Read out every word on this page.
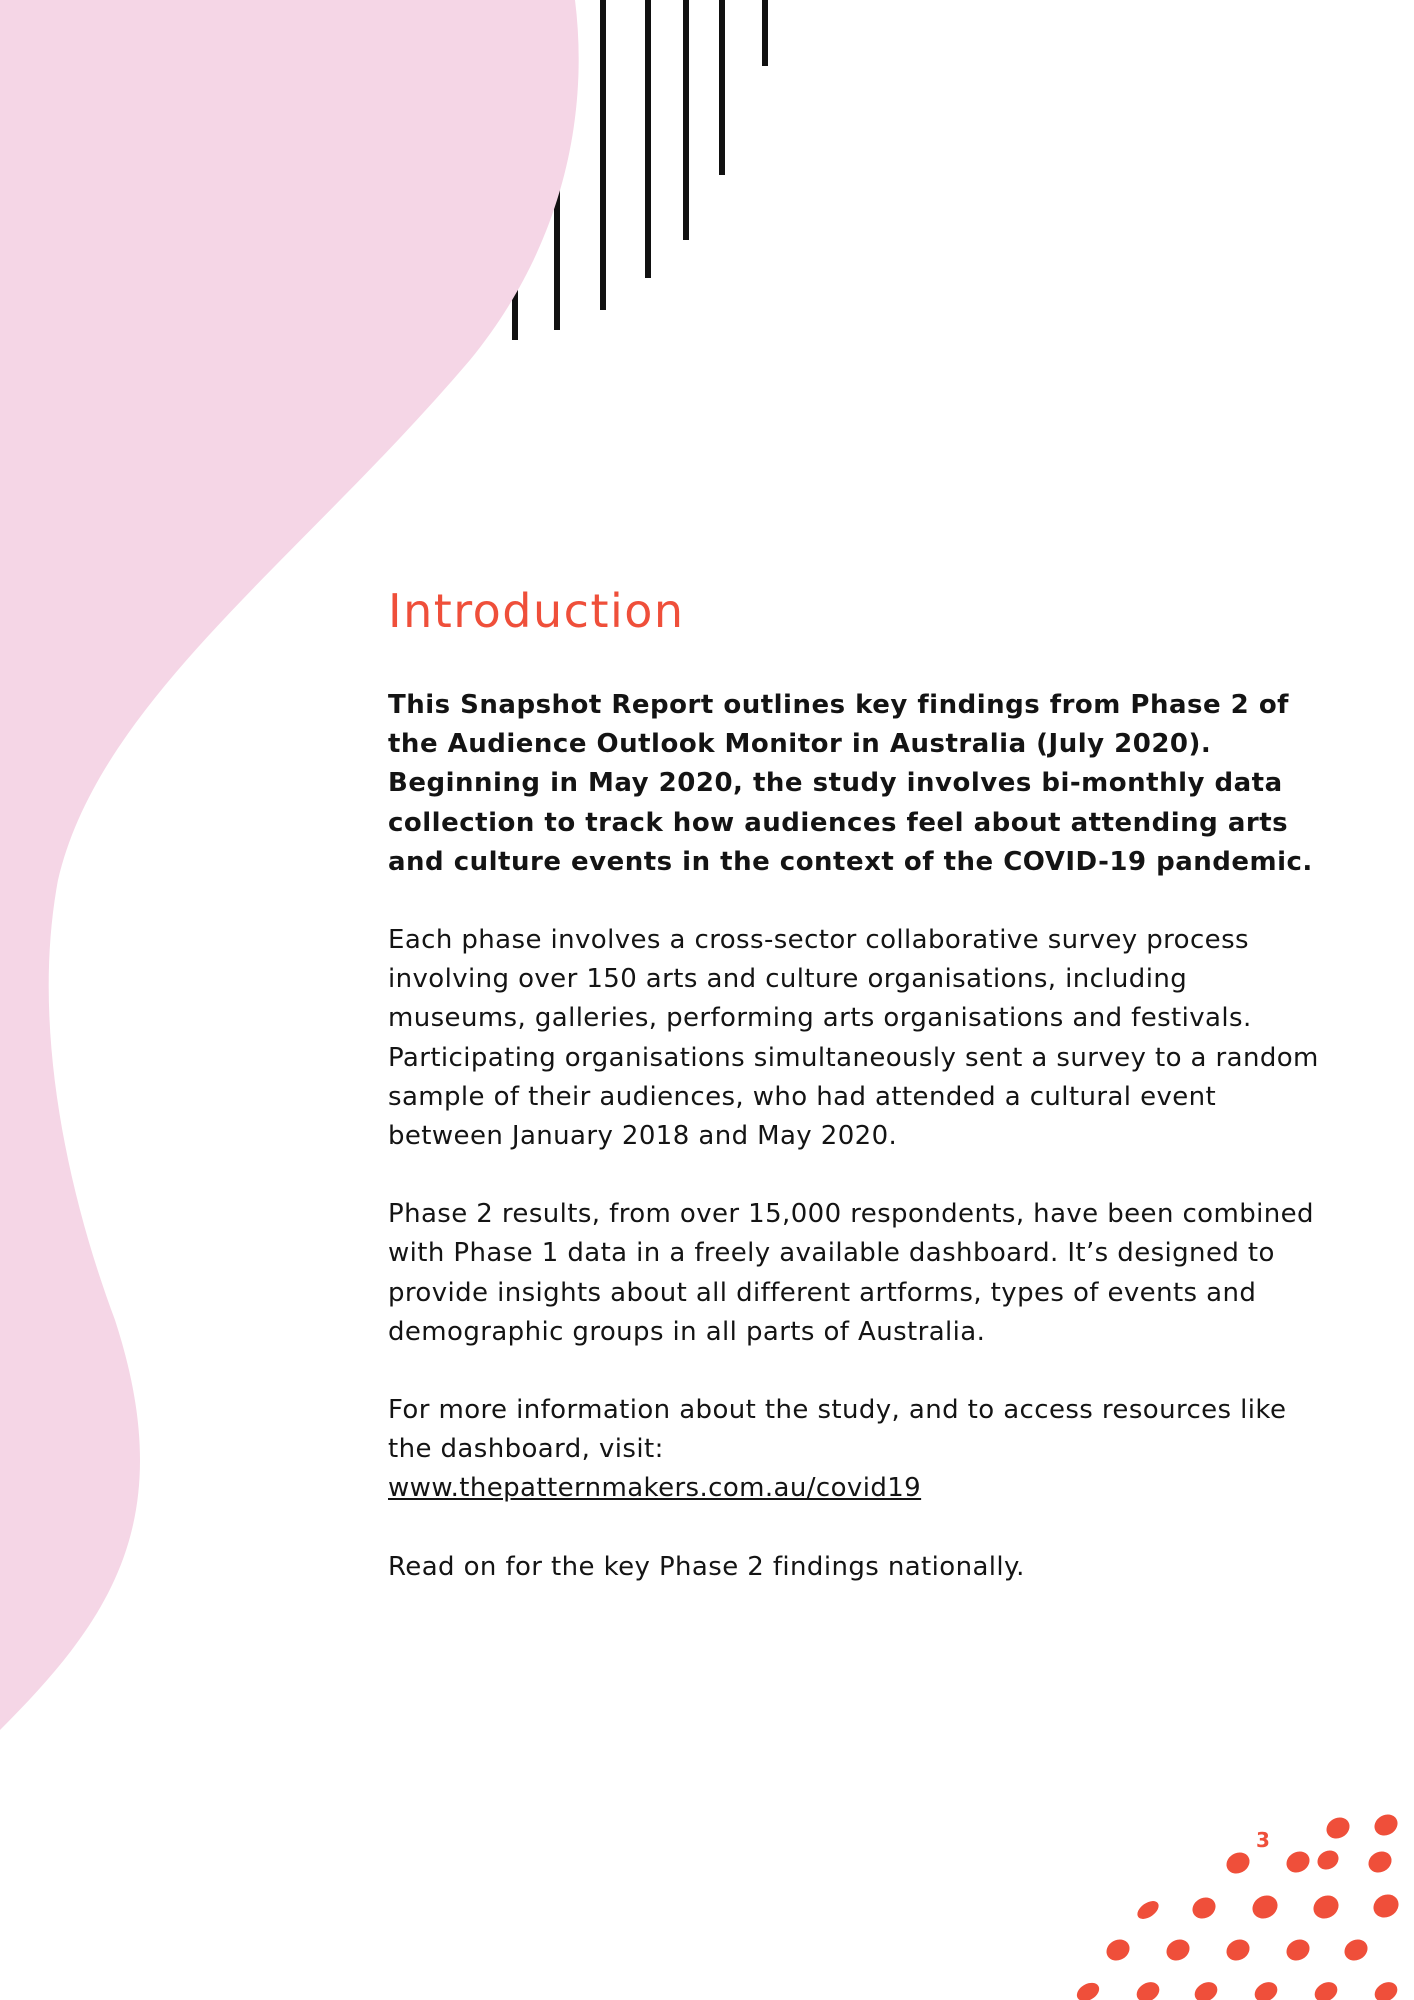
Introduction

This Snapshot Report outlines key findings from Phase 2 of the Audience Outlook Monitor in Australia (July 2020). Beginning in May 2020, the study involves bi-monthly data collection to track how audiences feel about attending arts and culture events in the context of the COVID-19 pandemic.

Each phase involves a cross-sector collaborative survey process involving over 150 arts and culture organisations, including museums, galleries, performing arts organisations and festivals. Participating organisations simultaneously sent a survey to a random sample of their audiences, who had attended a cultural event between January 2018 and May 2020.

Phase 2 results, from over 15,000 respondents, have been combined with Phase 1 data in a freely available dashboard. It’s designed to provide insights about all different artforms, types of events and demographic groups in all parts of Australia.

For more information about the study, and to access resources like the dashboard, visit:
www.thepatternmakers.com.au/covid19

Read on for the key Phase 2 findings nationally.

3
